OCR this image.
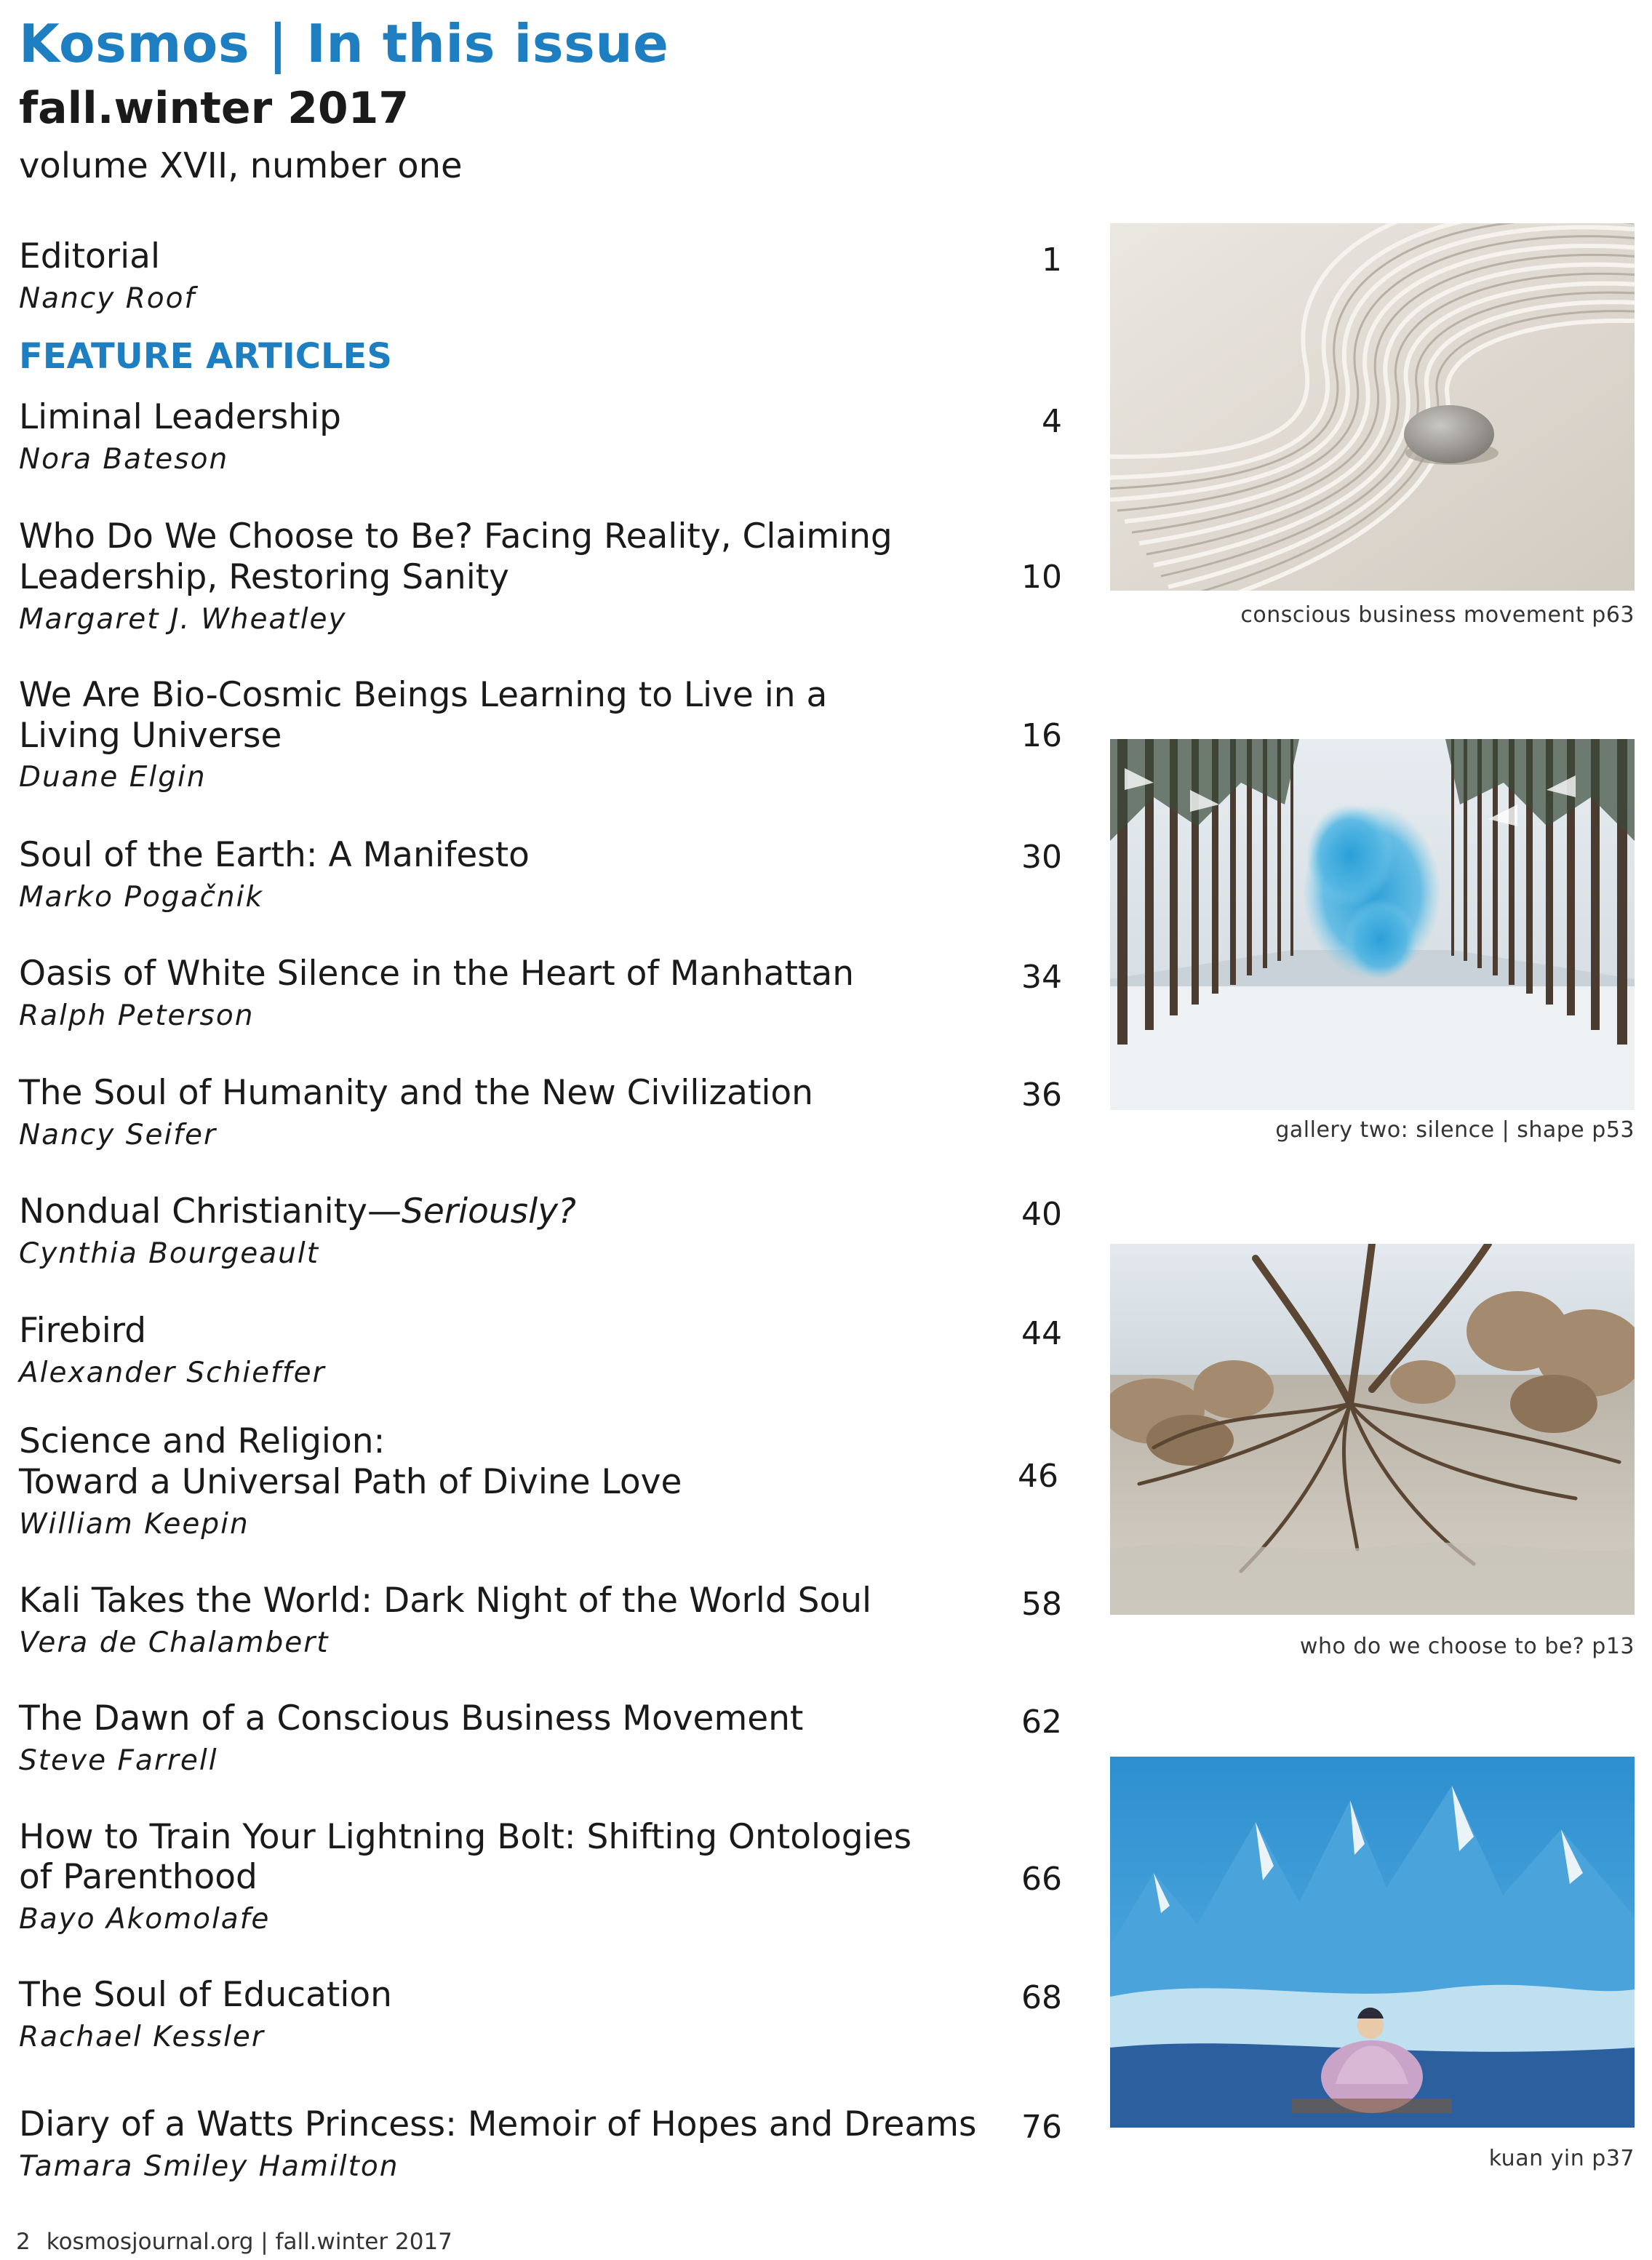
Kosmos | In this issue
fall.winter 2017
volume XVII, number one
Editorial
Nancy Roof
1
FEATURE ARTICLES
Liminal Leadership
Nora Bateson
4
Who Do We Choose to Be? Facing Reality, Claiming
Leadership, Restoring Sanity
Margaret J. Wheatley
10
We Are Bio-Cosmic Beings Learning to Live in a
Living Universe
Duane Elgin
16
Soul of the Earth: A Manifesto
Marko Pogačnik
30
Oasis of White Silence in the Heart of Manhattan
Ralph Peterson
34
The Soul of Humanity and the New Civilization
Nancy Seifer
36
Nondual Christianity—Seriously?
Cynthia Bourgeault
40
Firebird
Alexander Schieffer
44
Science and Religion:
Toward a Universal Path of Divine Love
William Keepin
46
Kali Takes the World: Dark Night of the World Soul
Vera de Chalambert
58
The Dawn of a Conscious Business Movement
Steve Farrell
62
How to Train Your Lightning Bolt: Shifting Ontologies
of Parenthood
Bayo Akomolafe
66
The Soul of Education
Rachael Kessler
68
Diary of a Watts Princess: Memoir of Hopes and Dreams
Tamara Smiley Hamilton
76
conscious business movement p63
gallery two: silence | shape p53
who do we choose to be? p13
kuan yin p37
2 kosmosjournal.org | fall.winter 2017
